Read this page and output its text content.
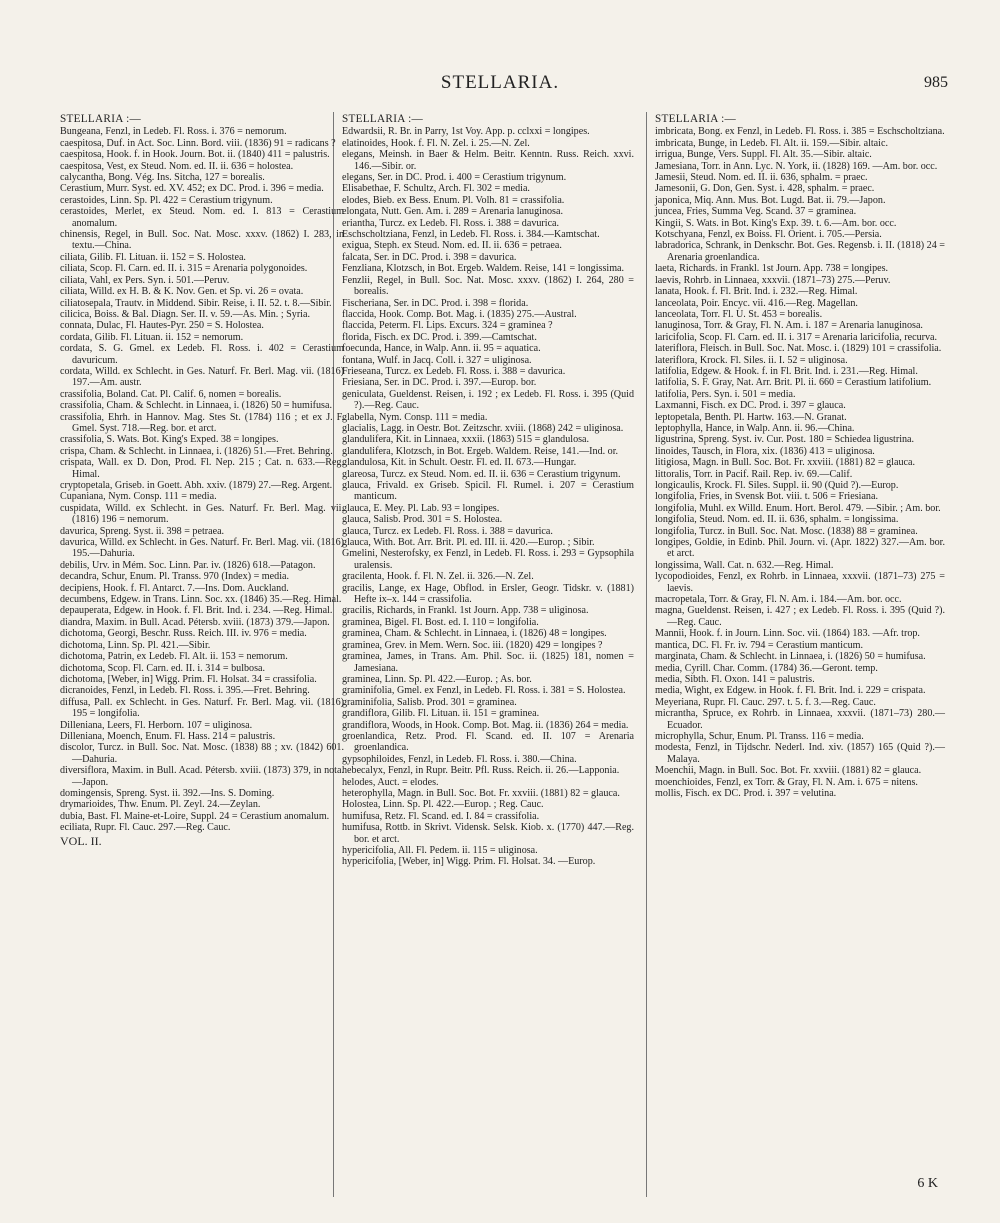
STELLARIA.	985
STELLARIA :—
Bungeana, Fenzl, in Ledeb. Fl. Ross. i. 376 = nemorum.
caespitosa, Duf. in Act. Soc. Linn. Bord. viii. (1836) 91 = radicans ?
caespitosa, Hook. f. in Hook. Journ. Bot. ii. (1840) 411 = palustris.
caespitosa, Vest, ex Steud. Nom. ed. II. ii. 636 = holostea.
calycantha, Bong. Vég. Ins. Sitcha, 127 = borealis.
Cerastium, Murr. Syst. ed. XV. 452; ex DC. Prod. i. 396 = media.
cerastoides, Linn. Sp. Pl. 422 = Cerastium trigynum.
cerastoides, Merlet, ex Steud. Nom. ed. I. 813 = Cerastium anomalum.
chinensis, Regel, in Bull. Soc. Nat. Mosc. xxxv. (1862) I. 283, in textu.—China.
ciliata, Gilib. Fl. Lituan. ii. 152 = S. Holostea.
ciliata, Scop. Fl. Carn. ed. II. i. 315 = Arenaria polygonoides.
ciliata, Vahl, ex Pers. Syn. i. 501.—Peruv.
ciliata, Willd. ex H. B. & K. Nov. Gen. et Sp. vi. 26 = ovata.
ciliatosepala, Trautv. in Middend. Sibir. Reise, i. II. 52. t. 8.—Sibir.
cilicica, Boiss. & Bal. Diagn. Ser. II. v. 59.—As. Min. ; Syria.
connata, Dulac, Fl. Hautes-Pyr. 250 = S. Holostea.
cordata, Gilib. Fl. Lituan. ii. 152 = nemorum.
cordata, S. G. Gmel. ex Ledeb. Fl. Ross. i. 402 = Cerastium davuricum.
cordata, Willd. ex Schlecht. in Ges. Naturf. Fr. Berl. Mag. vii. (1816) 197.—Am. austr.
crassifolia, Boland. Cat. Pl. Calif. 6, nomen = borealis.
crassifolia, Cham. & Schlecht. in Linnaea, i. (1826) 50 = humifusa.
crassifolia, Ehrh. in Hannov. Mag. Stes St. (1784) 116 ; et ex J. F. Gmel. Syst. 718.—Reg. bor. et arct.
crassifolia, S. Wats. Bot. King's Exped. 38 = longipes.
crispa, Cham. & Schlecht. in Linnaea, i. (1826) 51.—Fret. Behring.
crispata, Wall. ex D. Don, Prod. Fl. Nep. 215 ; Cat. n. 633.—Reg. Himal.
cryptopetala, Griseb. in Goett. Abh. xxiv. (1879) 27.—Reg. Argent.
Cupaniana, Nym. Consp. 111 = media.
cuspidata, Willd. ex Schlecht. in Ges. Naturf. Fr. Berl. Mag. vii. (1816) 196 = nemorum.
davurica, Spreng. Syst. ii. 398 = petraea.
davurica, Willd. ex Schlecht. in Ges. Naturf. Fr. Berl. Mag. vii. (1816) 195.—Dahuria.
debilis, Urv. in Mém. Soc. Linn. Par. iv. (1826) 618.—Patagon.
decandra, Schur, Enum. Pl. Transs. 970 (Index) = media.
decipiens, Hook. f. Fl. Antarct. 7.—Ins. Dom. Auckland.
decumbens, Edgew. in Trans. Linn. Soc. xx. (1846) 35.—Reg. Himal.
depauperata, Edgew. in Hook. f. Fl. Brit. Ind. i. 234. —Reg. Himal.
diandra, Maxim. in Bull. Acad. Pétersb. xviii. (1873) 379.—Japon.
dichotoma, Georgi, Beschr. Russ. Reich. III. iv. 976 = media.
dichotoma, Linn. Sp. Pl. 421.—Sibir.
dichotoma, Patrin, ex Ledeb. Fl. Alt. ii. 153 = nemorum.
dichotoma, Scop. Fl. Carn. ed. II. i. 314 = bulbosa.
dichotoma, [Weber, in] Wigg. Prim. Fl. Holsat. 34 = crassifolia.
dicranoides, Fenzl, in Ledeb. Fl. Ross. i. 395.—Fret. Behring.
diffusa, Pall. ex Schlecht. in Ges. Naturf. Fr. Berl. Mag. vii. (1816) 195 = longifolia.
Dilleniana, Leers, Fl. Herborn. 107 = uliginosa.
Dilleniana, Moench, Enum. Fl. Hass. 214 = palustris.
discolor, Turcz. in Bull. Soc. Nat. Mosc. (1838) 88 ; xv. (1842) 601.—Dahuria.
diversiflora, Maxim. in Bull. Acad. Pétersb. xviii. (1873) 379, in nota.—Japon.
domingensis, Spreng. Syst. ii. 392.—Ins. S. Doming.
drymarioides, Thw. Enum. Pl. Zeyl. 24.—Zeylan.
dubia, Bast. Fl. Maine-et-Loire, Suppl. 24 = Cerastium anomalum.
eciliata, Rupr. Fl. Cauc. 297.—Reg. Cauc.
VOL. II.
STELLARIA :—
Edwardsii, R. Br. in Parry, 1st Voy. App. p. cclxxi = longipes.
elatinoides, Hook. f. Fl. N. Zel. i. 25.—N. Zel.
elegans, Meinsh. in Baer & Helm. Beitr. Kenntn. Russ. Reich. xxvi. 146.—Sibir. or.
elegans, Ser. in DC. Prod. i. 400 = Cerastium trigynum.
Elisabethae, F. Schultz, Arch. Fl. 302 = media.
elodes, Bieb. ex Bess. Enum. Pl. Volh. 81 = crassifolia.
elongata, Nutt. Gen. Am. i. 289 = Arenaria lanuginosa.
eriantha, Turcz. ex Ledeb. Fl. Ross. i. 388 = davurica.
Eschscholtziana, Fenzl, in Ledeb. Fl. Ross. i. 384.—Kamtschat.
exigua, Steph. ex Steud. Nom. ed. II. ii. 636 = petraea.
falcata, Ser. in DC. Prod. i. 398 = davurica.
Fenzliana, Klotzsch, in Bot. Ergeb. Waldem. Reise, 141 = longissima.
Fenzlii, Regel, in Bull. Soc. Nat. Mosc. xxxv. (1862) I. 264, 280 = borealis.
Fischeriana, Ser. in DC. Prod. i. 398 = florida.
flaccida, Hook. Comp. Bot. Mag. i. (1835) 275.—Austral.
flaccida, Peterm. Fl. Lips. Excurs. 324 = graminea ?
florida, Fisch. ex DC. Prod. i. 399.—Camtschat.
foecunda, Hance, in Walp. Ann. ii. 95 = aquatica.
fontana, Wulf. in Jacq. Coll. i. 327 = uliginosa.
Frieseana, Turcz. ex Ledeb. Fl. Ross. i. 388 = davurica.
Friesiana, Ser. in DC. Prod. i. 397.—Europ. bor.
geniculata, Gueldenst. Reisen, i. 192 ; ex Ledeb. Fl. Ross. i. 395 (Quid ?).—Reg. Cauc.
glabella, Nym. Consp. 111 = media.
glacialis, Lagg. in Oestr. Bot. Zeitzschr. xviii. (1868) 242 = uliginosa.
glandulifera, Kit. in Linnaea, xxxii. (1863) 515 = glandulosa.
glandulifera, Klotzsch, in Bot. Ergeb. Waldem. Reise, 141.—Ind. or.
glandulosa, Kit. in Schult. Oestr. Fl. ed. II. 673.—Hungar.
glareosa, Turcz. ex Steud. Nom. ed. II. ii. 636 = Cerastium trigynum.
glauca, Frivald. ex Griseb. Spicil. Fl. Rumel. i. 207 = Cerastium manticum.
glauca, E. Mey. Pl. Lab. 93 = longipes.
glauca, Salisb. Prod. 301 = S. Holostea.
glauca, Turcz. ex Ledeb. Fl. Ross. i. 388 = davurica.
glauca, With. Bot. Arr. Brit. Pl. ed. III. ii. 420.—Europ. ; Sibir.
Gmelini, Nesterofsky, ex Fenzl, in Ledeb. Fl. Ross. i. 293 = Gypsophila uralensis.
gracilenta, Hook. f. Fl. N. Zel. ii. 326.—N. Zel.
gracilis, Lange, ex Hage, Obflod. in Ersler, Geogr. Tidskr. v. (1881) Hefte ix–x. 144 = crassifolia.
gracilis, Richards, in Frankl. 1st Journ. App. 738 = uliginosa.
graminea, Bigel. Fl. Bost. ed. I. 110 = longifolia.
graminea, Cham. & Schlecht. in Linnaea, i. (1826) 48 = longipes.
graminea, Grev. in Mem. Wern. Soc. iii. (1820) 429 = longipes ?
graminea, James, in Trans. Am. Phil. Soc. ii. (1825) 181, nomen = Jamesiana.
graminea, Linn. Sp. Pl. 422.—Europ. ; As. bor.
graminifolia, Gmel. ex Fenzl, in Ledeb. Fl. Ross. i. 381 = S. Holostea.
graminifolia, Salisb. Prod. 301 = graminea.
grandiflora, Gilib. Fl. Lituan. ii. 151 = graminea.
grandiflora, Woods, in Hook. Comp. Bot. Mag. ii. (1836) 264 = media.
groenlandica, Retz. Prod. Fl. Scand. ed. II. 107 = Arenaria groenlandica.
gypsophiloides, Fenzl, in Ledeb. Fl. Ross. i. 380.—China.
hebecalyx, Fenzl, in Rupr. Beitr. Pfl. Russ. Reich. ii. 26.—Lapponia.
helodes, Auct. = elodes.
heterophylla, Magn. in Bull. Soc. Bot. Fr. xxviii. (1881) 82 = glauca.
Holostea, Linn. Sp. Pl. 422.—Europ. ; Reg. Cauc.
humifusa, Retz. Fl. Scand. ed. I. 84 = crassifolia.
humifusa, Rottb. in Skrivt. Vidensk. Selsk. Kiob. x. (1770) 447.—Reg. bor. et arct.
hypericifolia, All. Fl. Pedem. ii. 115 = uliginosa.
hypericifolia, [Weber, in] Wigg. Prim. Fl. Holsat. 34. —Europ.
STELLARIA :—
imbricata, Bong. ex Fenzl, in Ledeb. Fl. Ross. i. 385 = Eschscholtziana.
imbricata, Bunge, in Ledeb. Fl. Alt. ii. 159.—Sibir. altaic.
irrigua, Bunge, Vers. Suppl. Fl. Alt. 35.—Sibir. altaic.
Jamesiana, Torr. in Ann. Lyc. N. York, ii. (1828) 169. —Am. bor. occ.
Jamesii, Steud. Nom. ed. II. ii. 636, sphalm. = praec.
Jamesonii, G. Don, Gen. Syst. i. 428, sphalm. = praec.
japonica, Miq. Ann. Mus. Bot. Lugd. Bat. ii. 79.—Japon.
juncea, Fries, Summa Veg. Scand. 37 = graminea.
Kingii, S. Wats. in Bot. King's Exp. 39. t. 6.—Am. bor. occ.
Kotschyana, Fenzl, ex Boiss. Fl. Orient. i. 705.—Persia.
labradorica, Schrank, in Denkschr. Bot. Ges. Regensb. i. II. (1818) 24 = Arenaria groenlandica.
laeta, Richards. in Frankl. 1st Journ. App. 738 = longipes.
laevis, Rohrb. in Linnaea, xxxvii. (1871–73) 275.—Peruv.
lanata, Hook. f. Fl. Brit. Ind. i. 232.—Reg. Himal.
lanceolata, Poir. Encyc. vii. 416.—Reg. Magellan.
lanceolata, Torr. Fl. U. St. 453 = borealis.
lanuginosa, Torr. & Gray, Fl. N. Am. i. 187 = Arenaria lanuginosa.
laricifolia, Scop. Fl. Carn. ed. II. i. 317 = Arenaria laricifolia, recurva.
lateriflora, Fleisch. in Bull. Soc. Nat. Mosc. i. (1829) 101 = crassifolia.
lateriflora, Krock. Fl. Siles. ii. I. 52 = uliginosa.
latifolia, Edgew. & Hook. f. in Fl. Brit. Ind. i. 231.—Reg. Himal.
latifolia, S. F. Gray, Nat. Arr. Brit. Pl. ii. 660 = Cerastium latifolium.
latifolia, Pers. Syn. i. 501 = media.
Laxmanni, Fisch. ex DC. Prod. i. 397 = glauca.
leptopetala, Benth. Pl. Hartw. 163.—N. Granat.
leptophylla, Hance, in Walp. Ann. ii. 96.—China.
ligustrina, Spreng. Syst. iv. Cur. Post. 180 = Schiedea ligustrina.
linoides, Tausch, in Flora, xix. (1836) 413 = uliginosa.
litigiosa, Magn. in Bull. Soc. Bot. Fr. xxviii. (1881) 82 = glauca.
littoralis, Torr. in Pacif. Rail. Rep. iv. 69.—Calif.
longicaulis, Krock. Fl. Siles. Suppl. ii. 90 (Quid ?).—Europ.
longifolia, Fries, in Svensk Bot. viii. t. 506 = Friesiana.
longifolia, Muhl. ex Willd. Enum. Hort. Berol. 479. —Sibir. ; Am. bor.
longifolia, Steud. Nom. ed. II. ii. 636, sphalm. = longissima.
longifolia, Turcz. in Bull. Soc. Nat. Mosc. (1838) 88 = graminea.
longipes, Goldie, in Edinb. Phil. Journ. vi. (Apr. 1822) 327.—Am. bor. et arct.
longissima, Wall. Cat. n. 632.—Reg. Himal.
lycopodioides, Fenzl, ex Rohrb. in Linnaea, xxxvii. (1871–73) 275 = laevis.
macropetala, Torr. & Gray, Fl. N. Am. i. 184.—Am. bor. occ.
magna, Gueldenst. Reisen, i. 427 ; ex Ledeb. Fl. Ross. i. 395 (Quid ?).—Reg. Cauc.
Mannii, Hook. f. in Journ. Linn. Soc. vii. (1864) 183. —Afr. trop.
mantica, DC. Fl. Fr. iv. 794 = Cerastium manticum.
marginata, Cham. & Schlecht. in Linnaea, i. (1826) 50 = humifusa.
media, Cyrill. Char. Comm. (1784) 36.—Geront. temp.
media, Sibth. Fl. Oxon. 141 = palustris.
media, Wight, ex Edgew. in Hook. f. Fl. Brit. Ind. i. 229 = crispata.
Meyeriana, Rupr. Fl. Cauc. 297. t. 5. f. 3.—Reg. Cauc.
micrantha, Spruce, ex Rohrb. in Linnaea, xxxvii. (1871–73) 280.—Ecuador.
microphylla, Schur, Enum. Pl. Transs. 116 = media.
modesta, Fenzl, in Tijdschr. Nederl. Ind. xiv. (1857) 165 (Quid ?).—Malaya.
Moenchii, Magn. in Bull. Soc. Bot. Fr. xxviii. (1881) 82 = glauca.
moenchioides, Fenzl, ex Torr. & Gray, Fl. N. Am. i. 675 = nitens.
mollis, Fisch. ex DC. Prod. i. 397 = velutina.
6 K
